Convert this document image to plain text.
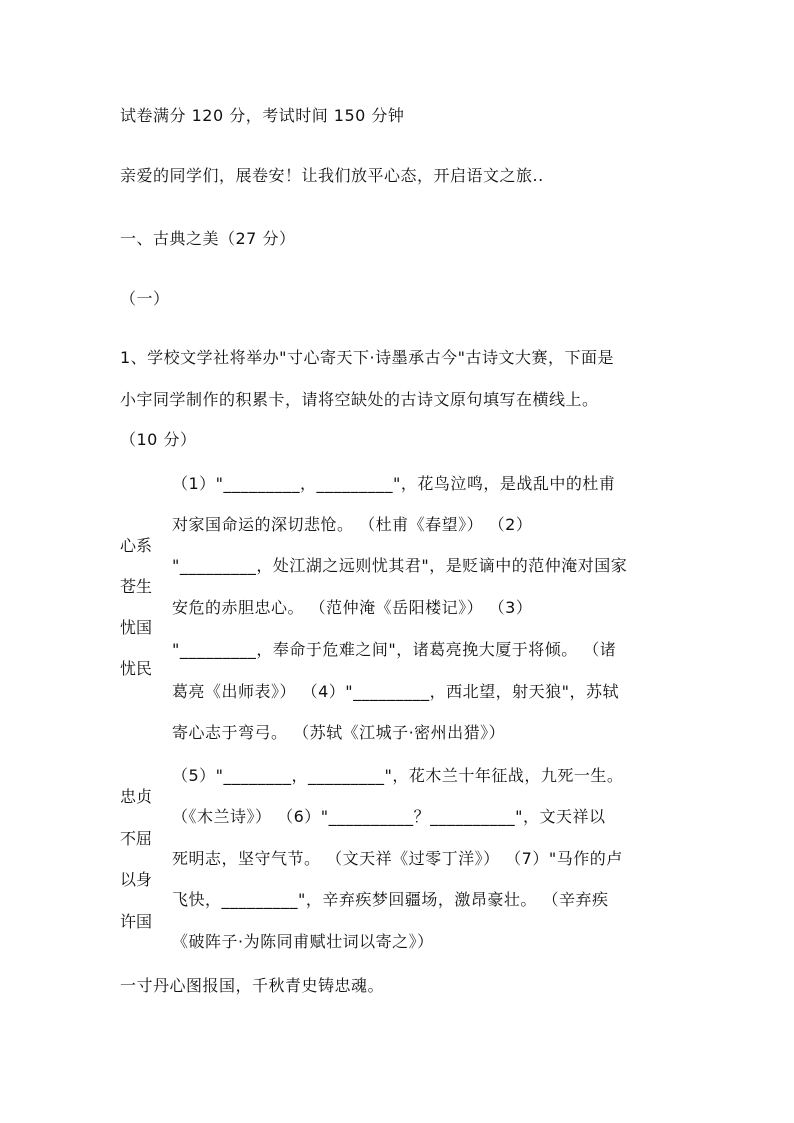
试卷满分 120 分，考试时间 150 分钟
亲爱的同学们，展卷安！让我们放平心态，开启语文之旅..
一、古典之美（27 分）
（一）
1、学校文学社将举办"寸心寄天下·诗墨承古今"古诗文大赛，下面是
小宇同学制作的积累卡，请将空缺处的古诗文原句填写在横线上。
（10 分）
心系
苍生
忧国
忧民
（1）"_________，_________"，花鸟泣鸣，是战乱中的杜甫
对家国命运的深切悲怆。 （杜甫《春望》） （2）
"_________，处江湖之远则忧其君"，是贬谪中的范仲淹对国家
安危的赤胆忠心。 （范仲淹《岳阳楼记》） （3）
"_________，奉命于危难之间"，诸葛亮挽大厦于将倾。 （诸
葛亮《出师表》） （4）"_________，西北望，射天狼"，苏轼
寄心志于弯弓。 （苏轼《江城子·密州出猎》）
忠贞
不屈
以身
许国
（5）"________，_________"，花木兰十年征战，九死一生。
（《木兰诗》） （6）"__________？__________"，文天祥以
死明志，坚守气节。 （文天祥《过零丁洋》） （7）"马作的卢
飞快，_________"，辛弃疾梦回疆场，激昂豪壮。 （辛弃疾
《破阵子·为陈同甫赋壮词以寄之》）
一寸丹心图报国，千秋青史铸忠魂。
